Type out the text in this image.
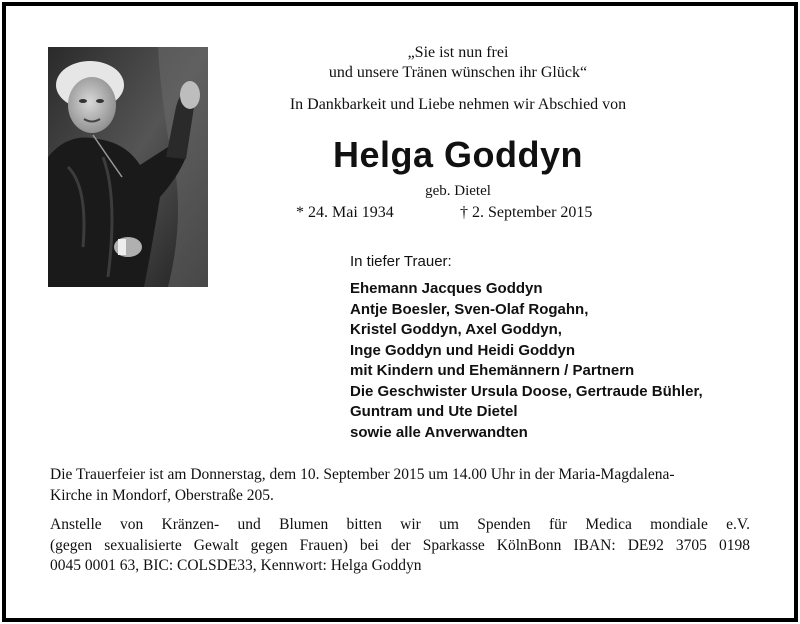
„Sie ist nun frei
und unsere Tränen wünschen ihr Glück“
In Dankbarkeit und Liebe nehmen wir Abschied von
Helga Goddyn
geb. Dietel
* 24. Mai 1934	† 2. September 2015
In tiefer Trauer:
Ehemann Jacques Goddyn
Antje Boesler, Sven-Olaf Rogahn,
Kristel Goddyn, Axel Goddyn,
Inge Goddyn und Heidi Goddyn
mit Kindern und Ehemännern / Partnern
Die Geschwister Ursula Doose, Gertraude Bühler,
Guntram und Ute Dietel
sowie alle Anverwandten
Die Trauerfeier ist am Donnerstag, dem 10. September 2015 um 14.00 Uhr in der Maria-Magdalena-
Kirche in Mondorf, Oberstraße 205.
Anstelle von Kränzen- und Blumen bitten wir um Spenden für Medica mondiale e.V.
(gegen sexualisierte Gewalt gegen Frauen) bei der Sparkasse KölnBonn IBAN: DE92 3705 0198
0045 0001 63, BIC: COLSDE33, Kennwort: Helga Goddyn
